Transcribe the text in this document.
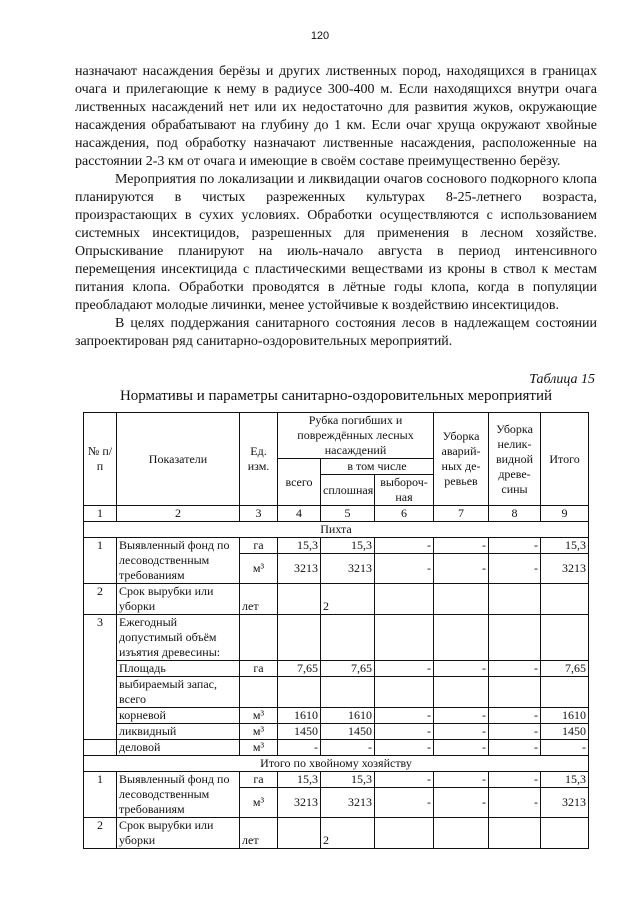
120

назначают насаждения берёзы и других лиственных пород, находящихся в границах очага и прилегающие к нему в радиусе 300-400 м. Если находящихся внутри очага лиственных насаждений нет или их недостаточно для развития жуков, окружающие насаждения обрабатывают на глубину до 1 км. Если очаг хруща окружают хвойные насаждения, под обработку назначают лиственные насаждения, расположенные на расстоянии 2-3 км от очага и имеющие в своём составе преимущественно берёзу.

Мероприятия по локализации и ликвидации очагов соснового подкорного клопа планируются в чистых разреженных культурах 8-25-летнего возраста, произрастающих в сухих условиях. Обработки осуществляются с использованием системных инсектицидов, разрешенных для применения в лесном хозяйстве. Опрыскивание планируют на июль-начало августа в период интенсивного перемещения инсектицида с пластическими веществами из кроны в ствол к местам питания клопа. Обработки проводятся в лётные годы клопа, когда в популяции преобладают молодые личинки, менее устойчивые к воздействию инсектицидов.

В целях поддержания санитарного состояния лесов в надлежащем состоянии запроектирован ряд санитарно-оздоровительных мероприятий.

Таблица 15
Нормативы и параметры санитарно-оздоровительных мероприятий
№ п/п	Показатели	Ед. изм.	Рубка погибших и повреждённых лесных насаждений			Уборка аварий-ных де-ревьев	Уборка нелик-видной древе-сины	Итого
			всего	в том числе				
				сплошная	выбороч-ная			
1	2	3	4	5	6	7	8	9
Пихта								
1	Выявленный фонд по лесоводственным требованиям	га	15,3	15,3	-	-	-	15,3
		м³	3213	3213	-	-	-	3213
2	Срок вырубки или уборки	лет		2				
3	Ежегодный допустимый объём изъятия древесины:							
	Площадь	га	7,65	7,65	-	-	-	7,65
	выбираемый запас, всего							
	корневой	м³	1610	1610	-	-	-	1610
	ликвидный	м³	1450	1450	-	-	-	1450
	деловой	м³	-	-	-	-	-	-
Итого по хвойному хозяйству								
1	Выявленный фонд по лесоводственным требованиям	га	15,3	15,3	-	-	-	15,3
		м³	3213	3213	-	-	-	3213
2	Срок вырубки или уборки	лет		2				
